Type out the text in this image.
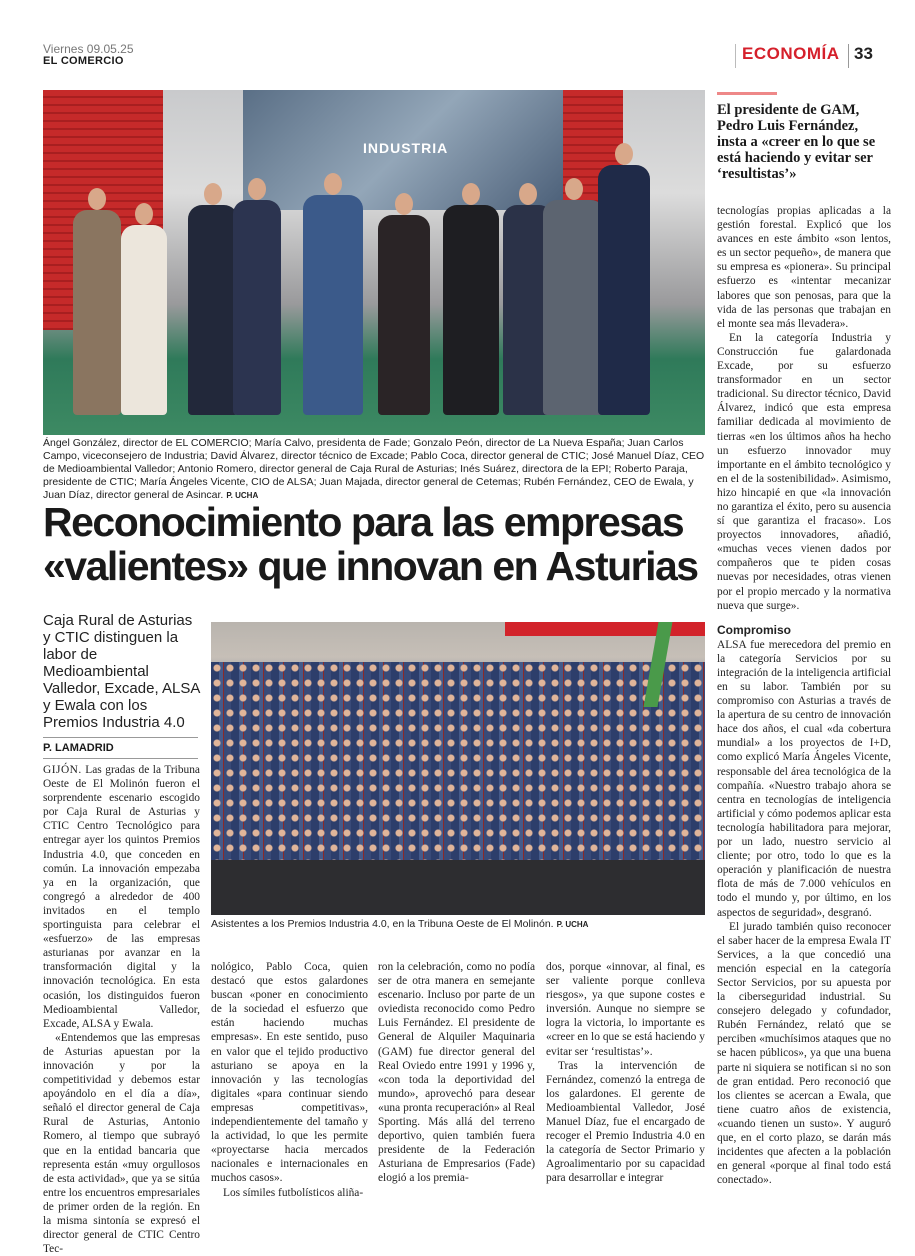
Viernes 09.05.25
EL COMERCIO	ECONOMÍA 33
INDUSTRIA
Ángel González, director de EL COMERCIO; María Calvo, presidenta de Fade; Gonzalo Peón, director de La Nueva España; Juan Carlos Campo, viceconsejero de Industria; David Álvarez, director técnico de Excade; Pablo Coca, director general de CTIC; José Manuel Díaz, CEO de Medioambiental Valledor; Antonio Romero, director general de Caja Rural de Asturias; Inés Suárez, directora de la EPI; Roberto Paraja, presidente de CTIC; María Ángeles Vicente, CIO de ALSA; Juan Majada, director general de Cetemas; Rubén Fernández, CEO de Ewala, y Juan Díaz, director general de Asincar. P. UCHA
Reconocimiento para las empresas «valientes» que innovan en Asturias
Caja Rural de Asturias y CTIC distinguen la labor de Medioambiental Valledor, Excade, ALSA y Ewala con los Premios Industria 4.0
P. LAMADRID

GIJÓN. Las gradas de la Tribuna Oeste de El Molinón fueron el sorprendente escenario escogido por Caja Rural de Asturias y CTIC Centro Tecnológico para entregar ayer los quintos Premios Industria 4.0, que conceden en común. La innovación empezaba ya en la organización, que congregó a alrededor de 400 invitados en el templo sportinguista para celebrar el «esfuerzo» de las empresas asturianas por avanzar en la transformación digital y la innovación tecnológica. En esta ocasión, los distinguidos fueron Medioambiental Valledor, Excade, ALSA y Ewala.

«Entendemos que las empresas de Asturias apuestan por la innovación y por la competitividad y debemos estar apoyándolo en el día a día», señaló el director general de Caja Rural de Asturias, Antonio Romero, al tiempo que subrayó que en la entidad bancaria que representa están «muy orgullosos de esta actividad», que ya se sitúa entre los encuentros empresariales de primer orden de la región. En la misma sintonía se expresó el director general de CTIC Centro Tec-

Asistentes a los Premios Industria 4.0, en la Tribuna Oeste de El Molinón. P. UCHA

nológico, Pablo Coca, quien destacó que estos galardones buscan «poner en conocimiento de la sociedad el esfuerzo que están haciendo muchas empresas». En este sentido, puso en valor que el tejido productivo asturiano se apoya en la innovación y las tecnologías digitales «para continuar siendo empresas competitivas», independientemente del tamaño y la actividad, lo que les permite «proyectarse hacia mercados nacionales e internacionales en muchos casos».

Los símiles futbolísticos aliña-

ron la celebración, como no podía ser de otra manera en semejante escenario. Incluso por parte de un oviedista reconocido como Pedro Luis Fernández. El presidente de General de Alquiler Maquinaria (GAM) fue director general del Real Oviedo entre 1991 y 1996 y, «con toda la deportividad del mundo», aprovechó para desear «una pronta recuperación» al Real Sporting. Más allá del terreno deportivo, quien también fuera presidente de la Federación Asturiana de Empresarios (Fade) elogió a los premia-

dos, porque «innovar, al final, es ser valiente porque conlleva riesgos», ya que supone costes e inversión. Aunque no siempre se logra la victoria, lo importante es «creer en lo que se está haciendo y evitar ser ‘resultistas’».

Tras la intervención de Fernández, comenzó la entrega de los galardones. El gerente de Medioambiental Valledor, José Manuel Díaz, fue el encargado de recoger el Premio Industria 4.0 en la categoría de Sector Primario y Agroalimentario por su capacidad para desarrollar e integrar

El presidente de GAM, Pedro Luis Fernández, insta a «creer en lo que se está haciendo y evitar ser ‘resultistas’»

tecnologías propias aplicadas a la gestión forestal. Explicó que los avances en este ámbito «son lentos, es un sector pequeño», de manera que su empresa es «pionera». Su principal esfuerzo es «intentar mecanizar labores que son penosas, para que la vida de las personas que trabajan en el monte sea más llevadera».

En la categoría Industria y Construcción fue galardonada Excade, por su esfuerzo transformador en un sector tradicional. Su director técnico, David Álvarez, indicó que esta empresa familiar dedicada al movimiento de tierras «en los últimos años ha hecho un esfuerzo innovador muy importante en el ámbito tecnológico y en el de la sostenibilidad». Asimismo, hizo hincapié en que «la innovación no garantiza el éxito, pero su ausencia sí que garantiza el fracaso». Los proyectos innovadores, añadió, «muchas veces vienen dados por compañeros que te piden cosas nuevas por necesidades, otras vienen por el propio mercado y la normativa nueva que surge».

Compromiso

ALSA fue merecedora del premio en la categoría Servicios por su integración de la inteligencia artificial en su labor. También por su compromiso con Asturias a través de la apertura de su centro de innovación hace dos años, el cual «da cobertura mundial» a los proyectos de I+D, como explicó María Ángeles Vicente, responsable del área tecnológica de la compañía. «Nuestro trabajo ahora se centra en tecnologías de inteligencia artificial y cómo podemos aplicar esta tecnología habilitadora para mejorar, por un lado, nuestro servicio al cliente; por otro, todo lo que es la operación y planificación de nuestra flota de más de 7.000 vehículos en todo el mundo y, por último, en los aspectos de seguridad», desgranó.

El jurado también quiso reconocer el saber hacer de la empresa Ewala IT Services, a la que concedió una mención especial en la categoría Sector Servicios, por su apuesta por la ciberseguridad industrial. Su consejero delegado y cofundador, Rubén Fernández, relató que se perciben «muchísimos ataques que no se hacen públicos», ya que una buena parte ni siquiera se notifican si no son de gran entidad. Pero reconoció que los clientes se acercan a Ewala, que tiene cuatro años de existencia, «cuando tienen un susto». Y auguró que, en el corto plazo, se darán más incidentes que afecten a la población en general «porque al final todo está conectado».
